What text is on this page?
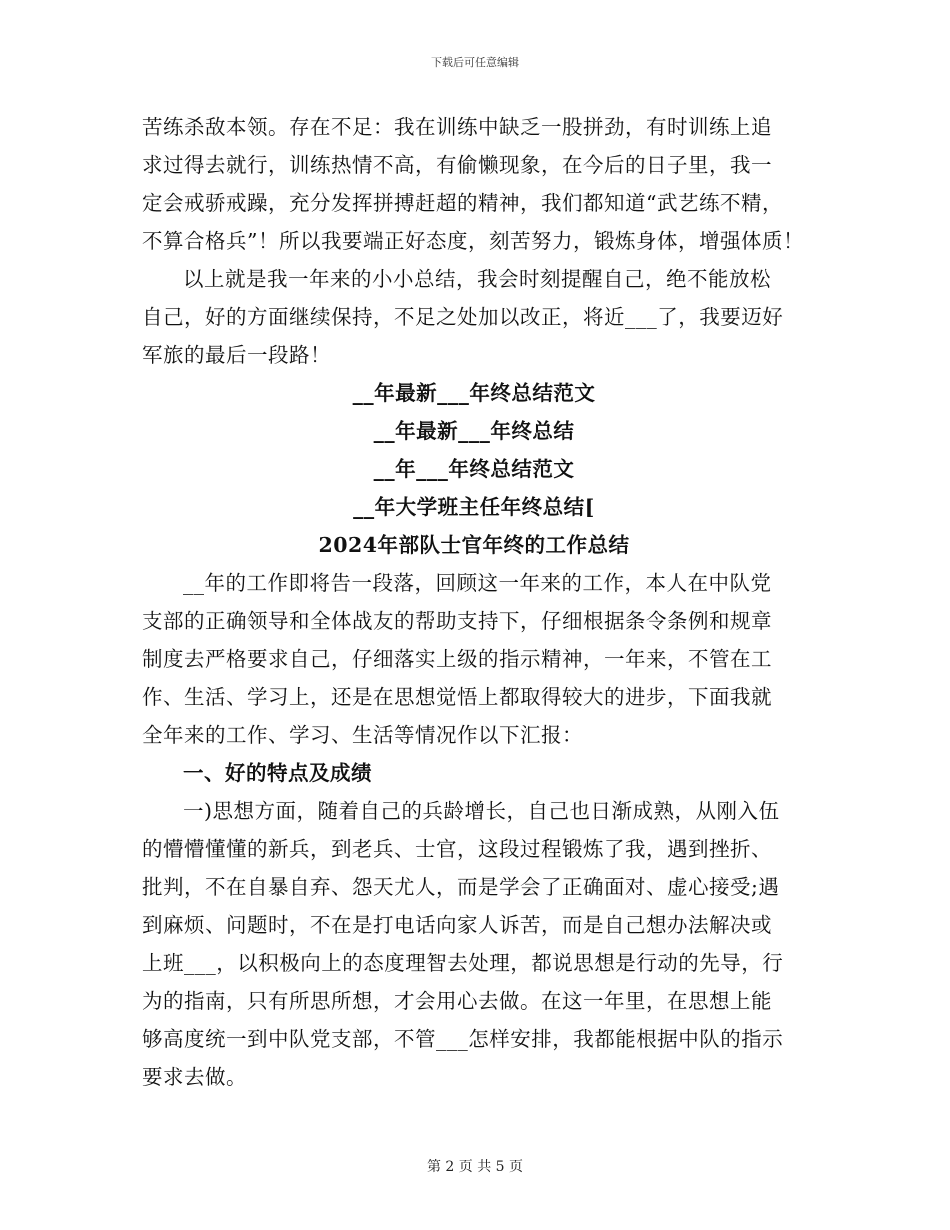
下载后可任意编辑

苦练杀敌本领。存在不足：我在训练中缺乏一股拼劲，有时训练上追
求过得去就行，训练热情不高，有偷懒现象，在今后的日子里，我一
定会戒骄戒躁，充分发挥拼搏赶超的精神，我们都知道“武艺练不精，
不算合格兵”！所以我要端正好态度，刻苦努力，锻炼身体，增强体质！

以上就是我一年来的小小总结，我会时刻提醒自己，绝不能放松
自己，好的方面继续保持，不足之处加以改正，将近___了，我要迈好
军旅的最后一段路！

__年最新___年终总结范文
__年最新___年终总结
__年___年终总结范文
__年大学班主任年终总结[
2024年部队士官年终的工作总结

__年的工作即将告一段落，回顾这一年来的工作，本人在中队党
支部的正确领导和全体战友的帮助支持下，仔细根据条令条例和规章
制度去严格要求自己，仔细落实上级的指示精神，一年来，不管在工
作、生活、学习上，还是在思想觉悟上都取得较大的进步，下面我就
全年来的工作、学习、生活等情况作以下汇报：

一、好的特点及成绩

一)思想方面，随着自己的兵龄增长，自己也日渐成熟，从刚入伍
的懵懵懂懂的新兵，到老兵、士官，这段过程锻炼了我，遇到挫折、
批判，不在自暴自弃、怨天尤人，而是学会了正确面对、虚心接受;遇
到麻烦、问题时，不在是打电话向家人诉苦，而是自己想办法解决或
上班___，以积极向上的态度理智去处理，都说思想是行动的先导，行
为的指南，只有所思所想，才会用心去做。在这一年里，在思想上能
够高度统一到中队党支部，不管___怎样安排，我都能根据中队的指示
要求去做。

第 2 页 共 5 页
